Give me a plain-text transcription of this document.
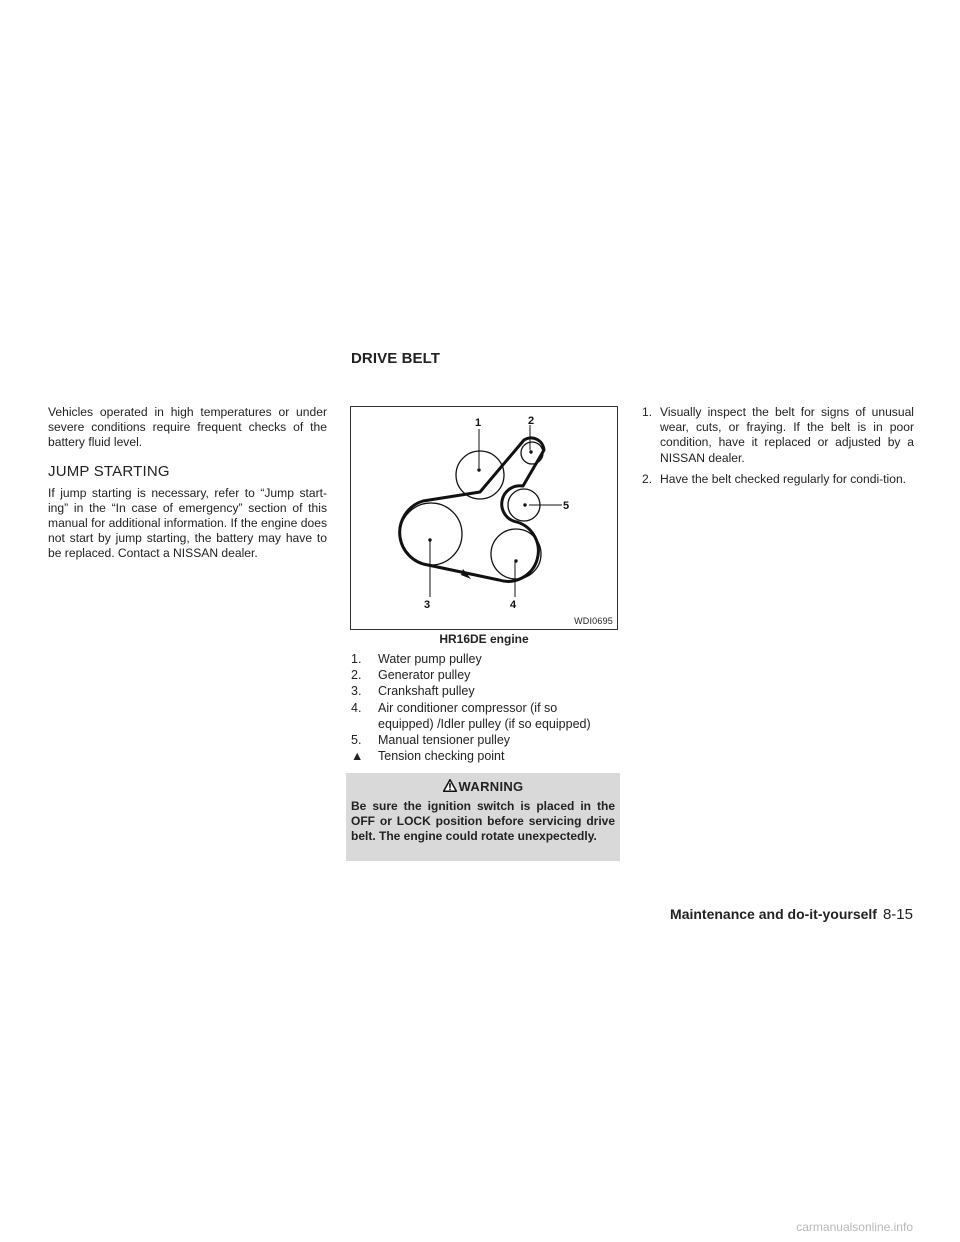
DRIVE BELT

Vehicles operated in high temperatures or under severe conditions require frequent checks of the battery fluid level.

JUMP STARTING

If jump starting is necessary, refer to “Jump start-ing” in the “In case of emergency” section of this manual for additional information. If the engine does not start by jump starting, the battery may have to be replaced. Contact a NISSAN dealer.

1	2
3	4
5
WDI0695
HR16DE engine
1.	Water pump pulley
2.	Generator pulley
3.	Crankshaft pulley
4.	Air conditioner compressor (if so
equipped) /Idler pulley (if so equipped)
5.	Manual tensioner pulley
▲	Tension checking point
WARNING
Be sure the ignition switch is placed in the OFF or LOCK position before servicing drive belt. The engine could rotate unexpectedly.
1. Visually inspect the belt for signs of unusual wear, cuts, or fraying. If the belt is in poor condition, have it replaced or adjusted by a NISSAN dealer.
2. Have the belt checked regularly for condi-tion.
Maintenance and do-it-yourself 8-15
carmanualsonline.info
